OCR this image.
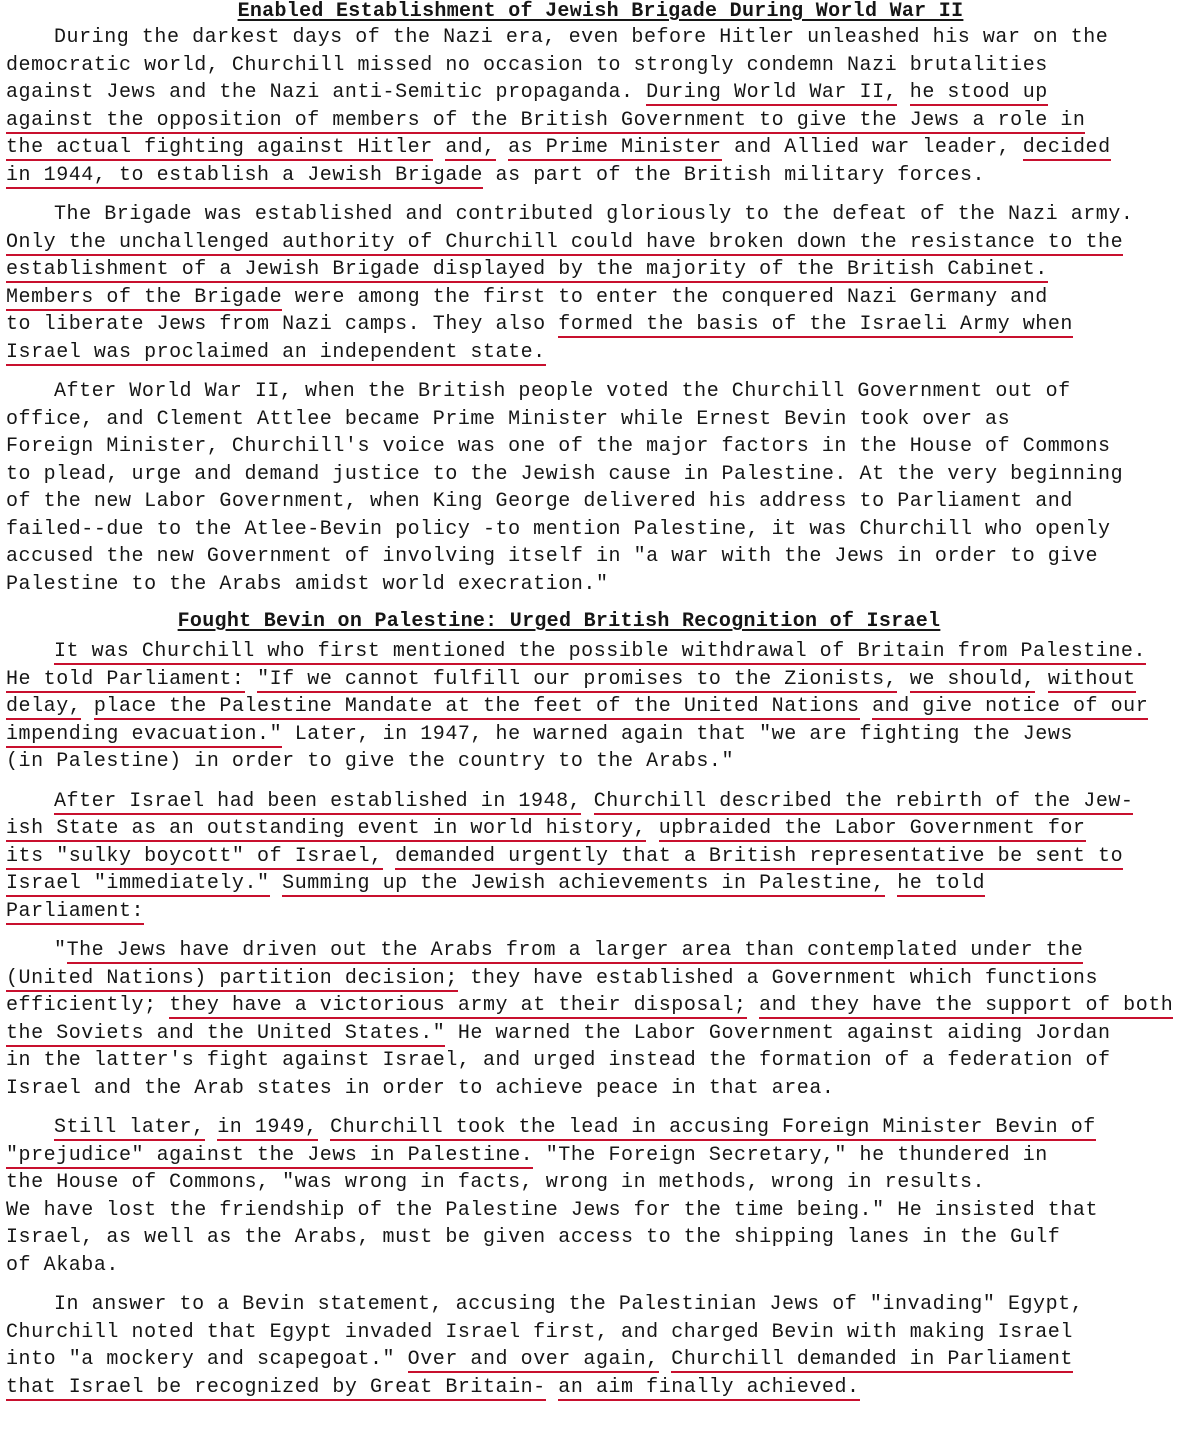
Enabled Establishment of Jewish Brigade During World War II
During the darkest days of the Nazi era, even before Hitler unleashed his war on the
democratic world, Churchill missed no occasion to strongly condemn Nazi brutalities
against Jews and the Nazi anti-Semitic propaganda. During World War II, he stood up
against the opposition of members of the British Government to give the Jews a role in
the actual fighting against Hitler and, as Prime Minister and Allied war leader, decided
in 1944, to establish a Jewish Brigade as part of the British military forces.
The Brigade was established and contributed gloriously to the defeat of the Nazi army.
Only the unchallenged authority of Churchill could have broken down the resistance to the
establishment of a Jewish Brigade displayed by the majority of the British Cabinet.
Members of the Brigade were among the first to enter the conquered Nazi Germany and
to liberate Jews from Nazi camps. They also formed the basis of the Israeli Army when
Israel was proclaimed an independent state.
After World War II, when the British people voted the Churchill Government out of
office, and Clement Attlee became Prime Minister while Ernest Bevin took over as
Foreign Minister, Churchill's voice was one of the major factors in the House of Commons
to plead, urge and demand justice to the Jewish cause in Palestine. At the very beginning
of the new Labor Government, when King George delivered his address to Parliament and
failed--due to the Atlee-Bevin policy -to mention Palestine, it was Churchill who openly
accused the new Government of involving itself in "a war with the Jews in order to give
Palestine to the Arabs amidst world execration."
Fought Bevin on Palestine: Urged British Recognition of Israel
It was Churchill who first mentioned the possible withdrawal of Britain from Palestine.
He told Parliament: "If we cannot fulfill our promises to the Zionists, we should, without
delay, place the Palestine Mandate at the feet of the United Nations and give notice of our
impending evacuation." Later, in 1947, he warned again that "we are fighting the Jews
(in Palestine) in order to give the country to the Arabs."
After Israel had been established in 1948, Churchill described the rebirth of the Jew-
ish State as an outstanding event in world history, upbraided the Labor Government for
its "sulky boycott" of Israel, demanded urgently that a British representative be sent to
Israel "immediately." Summing up the Jewish achievements in Palestine, he told
Parliament:
"The Jews have driven out the Arabs from a larger area than contemplated under the
(United Nations) partition decision; they have established a Government which functions
efficiently; they have a victorious army at their disposal; and they have the support of both
the Soviets and the United States." He warned the Labor Government against aiding Jordan
in the latter's fight against Israel, and urged instead the formation of a federation of
Israel and the Arab states in order to achieve peace in that area.
Still later, in 1949, Churchill took the lead in accusing Foreign Minister Bevin of
"prejudice" against the Jews in Palestine. "The Foreign Secretary," he thundered in
the House of Commons, "was wrong in facts, wrong in methods, wrong in results.
We have lost the friendship of the Palestine Jews for the time being." He insisted that
Israel, as well as the Arabs, must be given access to the shipping lanes in the Gulf
of Akaba.
In answer to a Bevin statement, accusing the Palestinian Jews of "invading" Egypt,
Churchill noted that Egypt invaded Israel first, and charged Bevin with making Israel
into "a mockery and scapegoat." Over and over again, Churchill demanded in Parliament
that Israel be recognized by Great Britain- an aim finally achieved.
